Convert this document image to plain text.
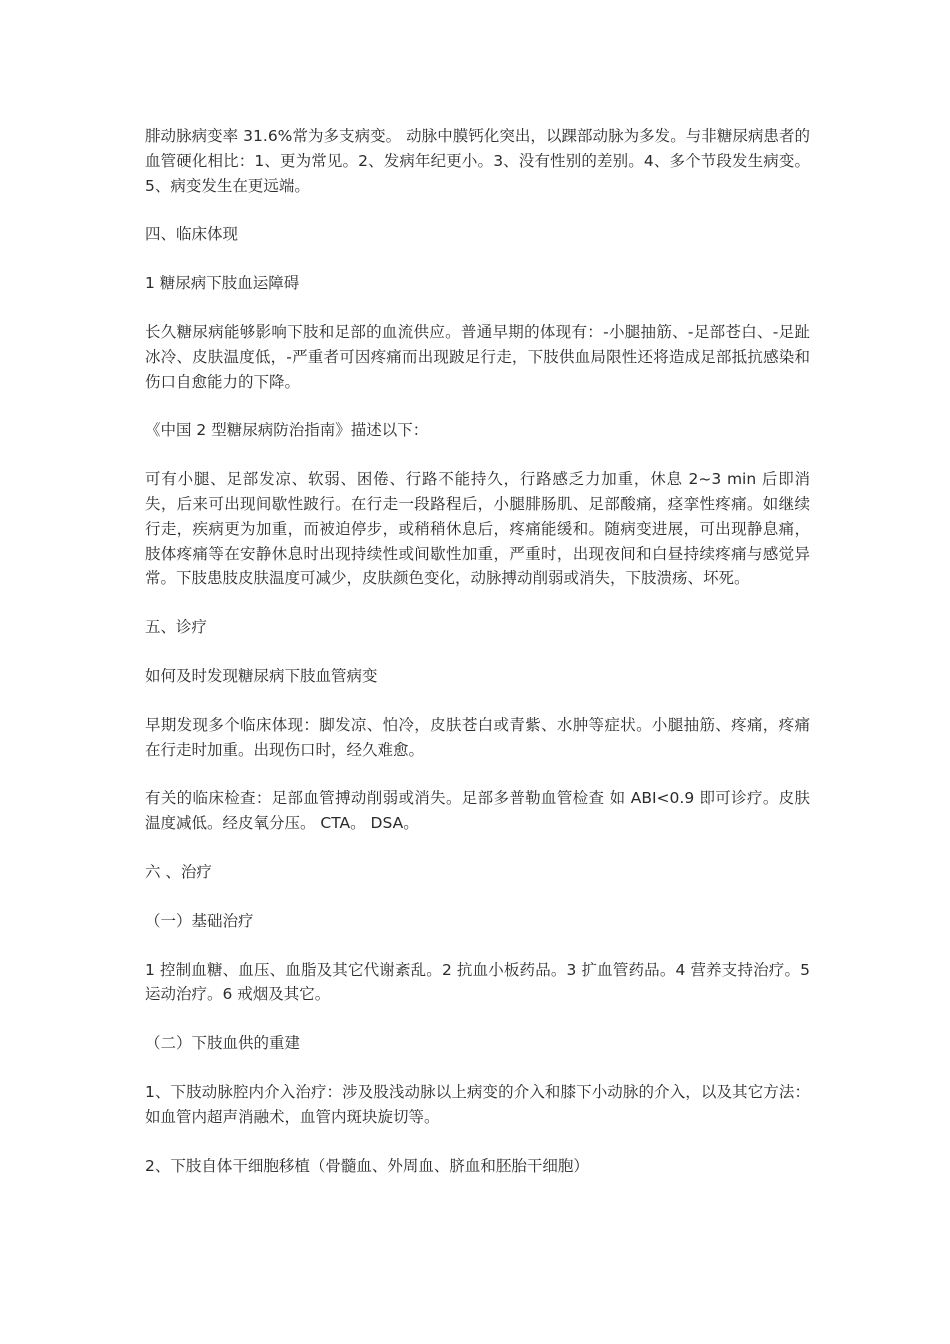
腓动脉病变率 31.6%常为多支病变。 动脉中膜钙化突出，以踝部动脉为多发。与非糖尿病患者的血管硬化相比：1、更为常见。2、发病年纪更小。3、没有性别的差别。4、多个节段发生病变。5、病变发生在更远端。

四、临床体现

1 糖尿病下肢血运障碍

长久糖尿病能够影响下肢和足部的血流供应。普通早期的体现有：-小腿抽筋、-足部苍白、-足趾冰冷、皮肤温度低，-严重者可因疼痛而出现跛足行走，下肢供血局限性还将造成足部抵抗感染和伤口自愈能力的下降。

《中国 2 型糖尿病防治指南》描述以下：

可有小腿、足部发凉、软弱、困倦、行路不能持久，行路感乏力加重，休息 2~3 min 后即消失，后来可出现间歇性跛行。在行走一段路程后，小腿腓肠肌、足部酸痛，痉挛性疼痛。如继续行走，疾病更为加重，而被迫停步，或稍稍休息后，疼痛能缓和。随病变进展，可出现静息痛，肢体疼痛等在安静休息时出现持续性或间歇性加重，严重时，出现夜间和白昼持续疼痛与感觉异常。下肢患肢皮肤温度可减少，皮肤颜色变化，动脉搏动削弱或消失，下肢溃疡、坏死。

五、诊疗

如何及时发现糖尿病下肢血管病变

早期发现多个临床体现：脚发凉、怕冷，皮肤苍白或青紫、水肿等症状。小腿抽筋、疼痛，疼痛在行走时加重。出现伤口时，经久难愈。

有关的临床检查：足部血管搏动削弱或消失。足部多普勒血管检查 如 ABI<0.9 即可诊疗。皮肤温度减低。经皮氧分压。 CTA。 DSA。

六 、治疗

（一）基础治疗

1 控制血糖、血压、血脂及其它代谢紊乱。2 抗血小板药品。3 扩血管药品。4 营养支持治疗。5 运动治疗。6 戒烟及其它。

（二）下肢血供的重建

1、下肢动脉腔内介入治疗：涉及股浅动脉以上病变的介入和膝下小动脉的介入，以及其它方法：如血管内超声消融术，血管内斑块旋切等。

2、下肢自体干细胞移植（骨髓血、外周血、脐血和胚胎干细胞）
